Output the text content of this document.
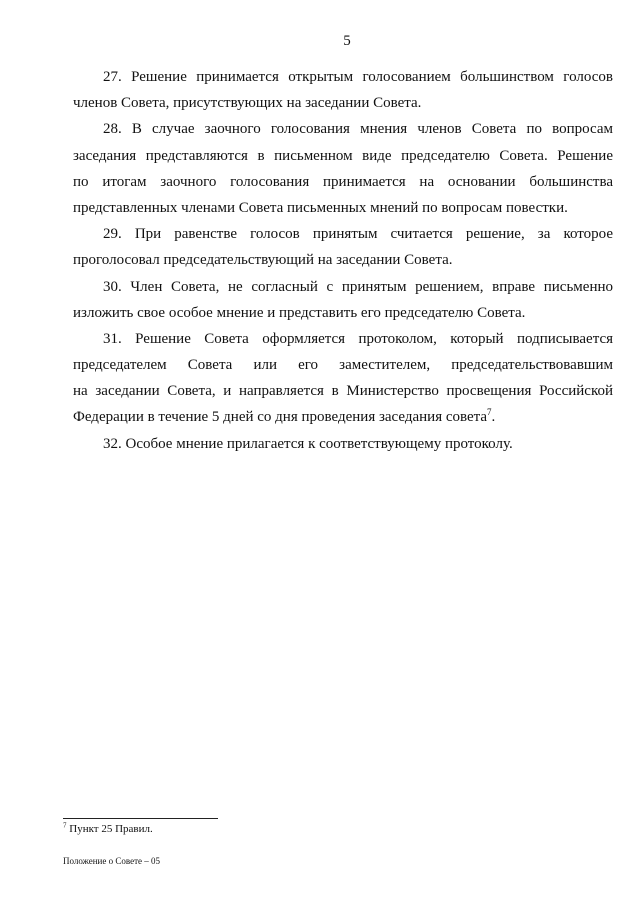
5
27. Решение принимается открытым голосованием большинством голосов
членов Совета, присутствующих на заседании Совета.
28. В случае заочного голосования мнения членов Совета по вопросам
заседания представляются в письменном виде председателю Совета. Решение
по итогам заочного голосования принимается на основании большинства
представленных членами Совета письменных мнений по вопросам повестки.
29. При равенстве голосов принятым считается решение, за которое
проголосовал председательствующий на заседании Совета.
30. Член Совета, не согласный с принятым решением, вправе письменно
изложить свое особое мнение и представить его председателю Совета.
31. Решение Совета оформляется протоколом, который подписывается
председателем Совета или его заместителем, председательствовавшим
на заседании Совета, и направляется в Министерство просвещения Российской
Федерации в течение 5 дней со дня проведения заседания совета$^7$.
32. Особое мнение прилагается к соответствующему протоколу.
$^7$ Пункт 25 Правил.
Положение о Совете – 05
